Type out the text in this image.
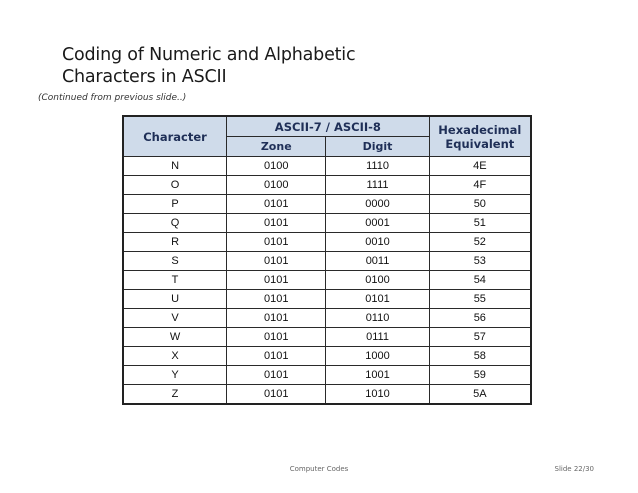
Coding of Numeric and Alphabetic
Characters in ASCII

(Continued from previous slide..)

Character	ASCII-7 / ASCII-8		Hexadecimal Equivalent
	Zone	Digit	
N	0100	1110	4E
O	0100	1111	4F
P	0101	0000	50
Q	0101	0001	51
R	0101	0010	52
S	0101	0011	53
T	0101	0100	54
U	0101	0101	55
V	0101	0110	56
W	0101	0111	57
X	0101	1000	58
Y	0101	1001	59
Z	0101	1010	5A

Computer Codes	Slide 22/30
